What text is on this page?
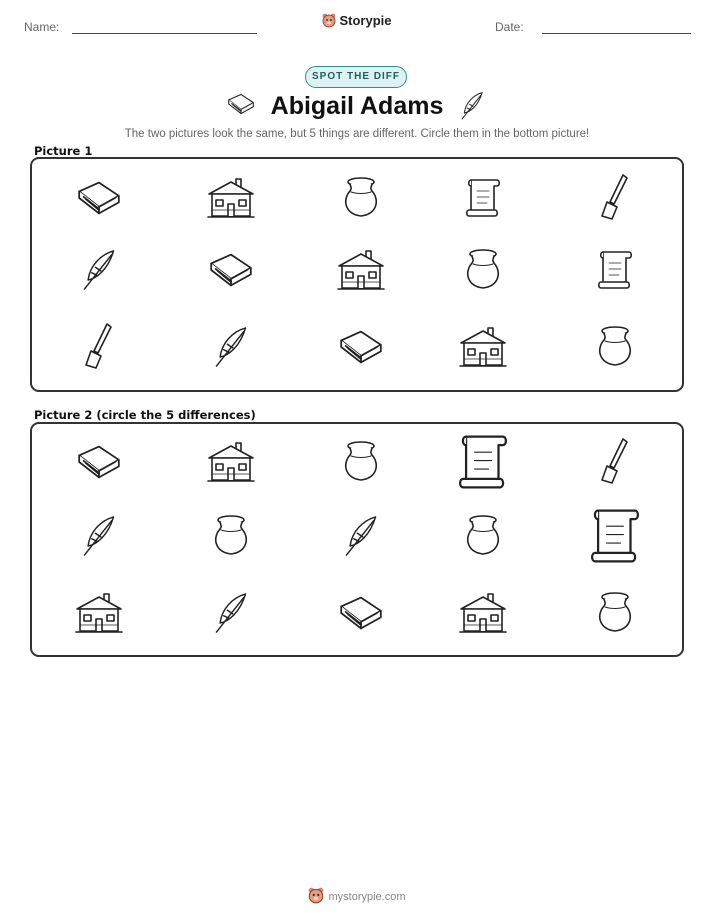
Name:	Storypie	Date:
SPOT THE DIFF
Abigail Adams
The two pictures look the same, but 5 things are different. Circle them in the bottom picture!
Picture 1
Picture 2 (circle the 5 differences)
mystorypie.com
